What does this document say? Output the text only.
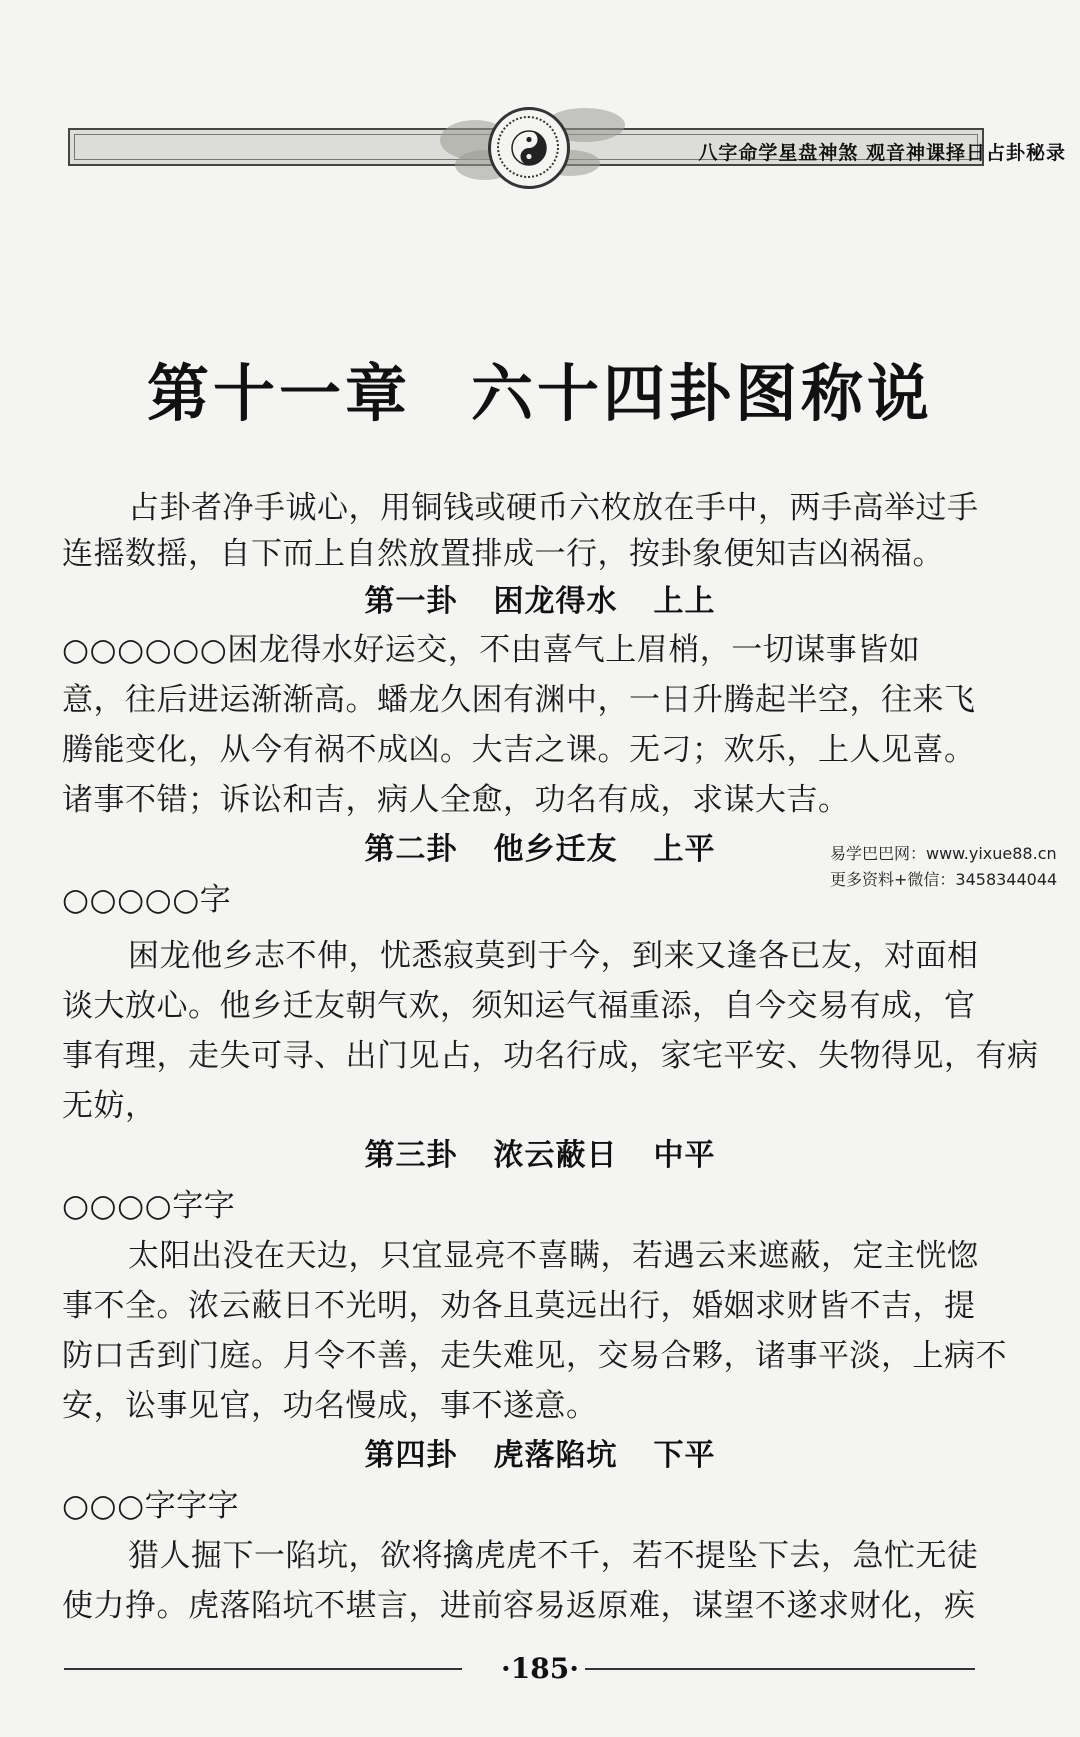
八字命学星盘神煞 观音神课择日占卦秘录
第十一章 六十四卦图称说
占卦者净手诚心，用铜钱或硬币六枚放在手中，两手高举过手
连摇数摇，自下而上自然放置排成一行，按卦象便知吉凶祸福。
第一卦 困龙得水 上上
○○○○○○困龙得水好运交，不由喜气上眉梢，一切谋事皆如
意，往后进运渐渐高。蟠龙久困有渊中，一日升腾起半空，往来飞
腾能变化，从今有祸不成凶。大吉之课。无刁；欢乐，上人见喜。
诸事不错；诉讼和吉，病人全愈，功名有成，求谋大吉。
第二卦 他乡迁友 上平
○○○○○字
困龙他乡志不伸，忧悉寂莫到于今，到来又逢各已友，对面相
谈大放心。他乡迁友朝气欢，须知运气福重添，自今交易有成，官
事有理，走失可寻、出门见占，功名行成，家宅平安、失物得见，有病
无妨，
第三卦 浓云蔽日 中平
○○○○字字
太阳出没在天边，只宜显亮不喜瞒，若遇云来遮蔽，定主恍惚
事不全。浓云蔽日不光明，劝各且莫远出行，婚姻求财皆不吉，提
防口舌到门庭。月令不善，走失难见，交易合夥，诸事平淡，上病不
安，讼事见官，功名慢成，事不遂意。
第四卦 虎落陷坑 下平
○○○字字字
猎人掘下一陷坑，欲将擒虎虎不千，若不提坠下去，急忙无徒
使力挣。虎落陷坑不堪言，进前容易返原难，谋望不遂求财化，疾
易学巴巴网：www.yixue88.cn
更多资料+微信：3458344044
·185·
